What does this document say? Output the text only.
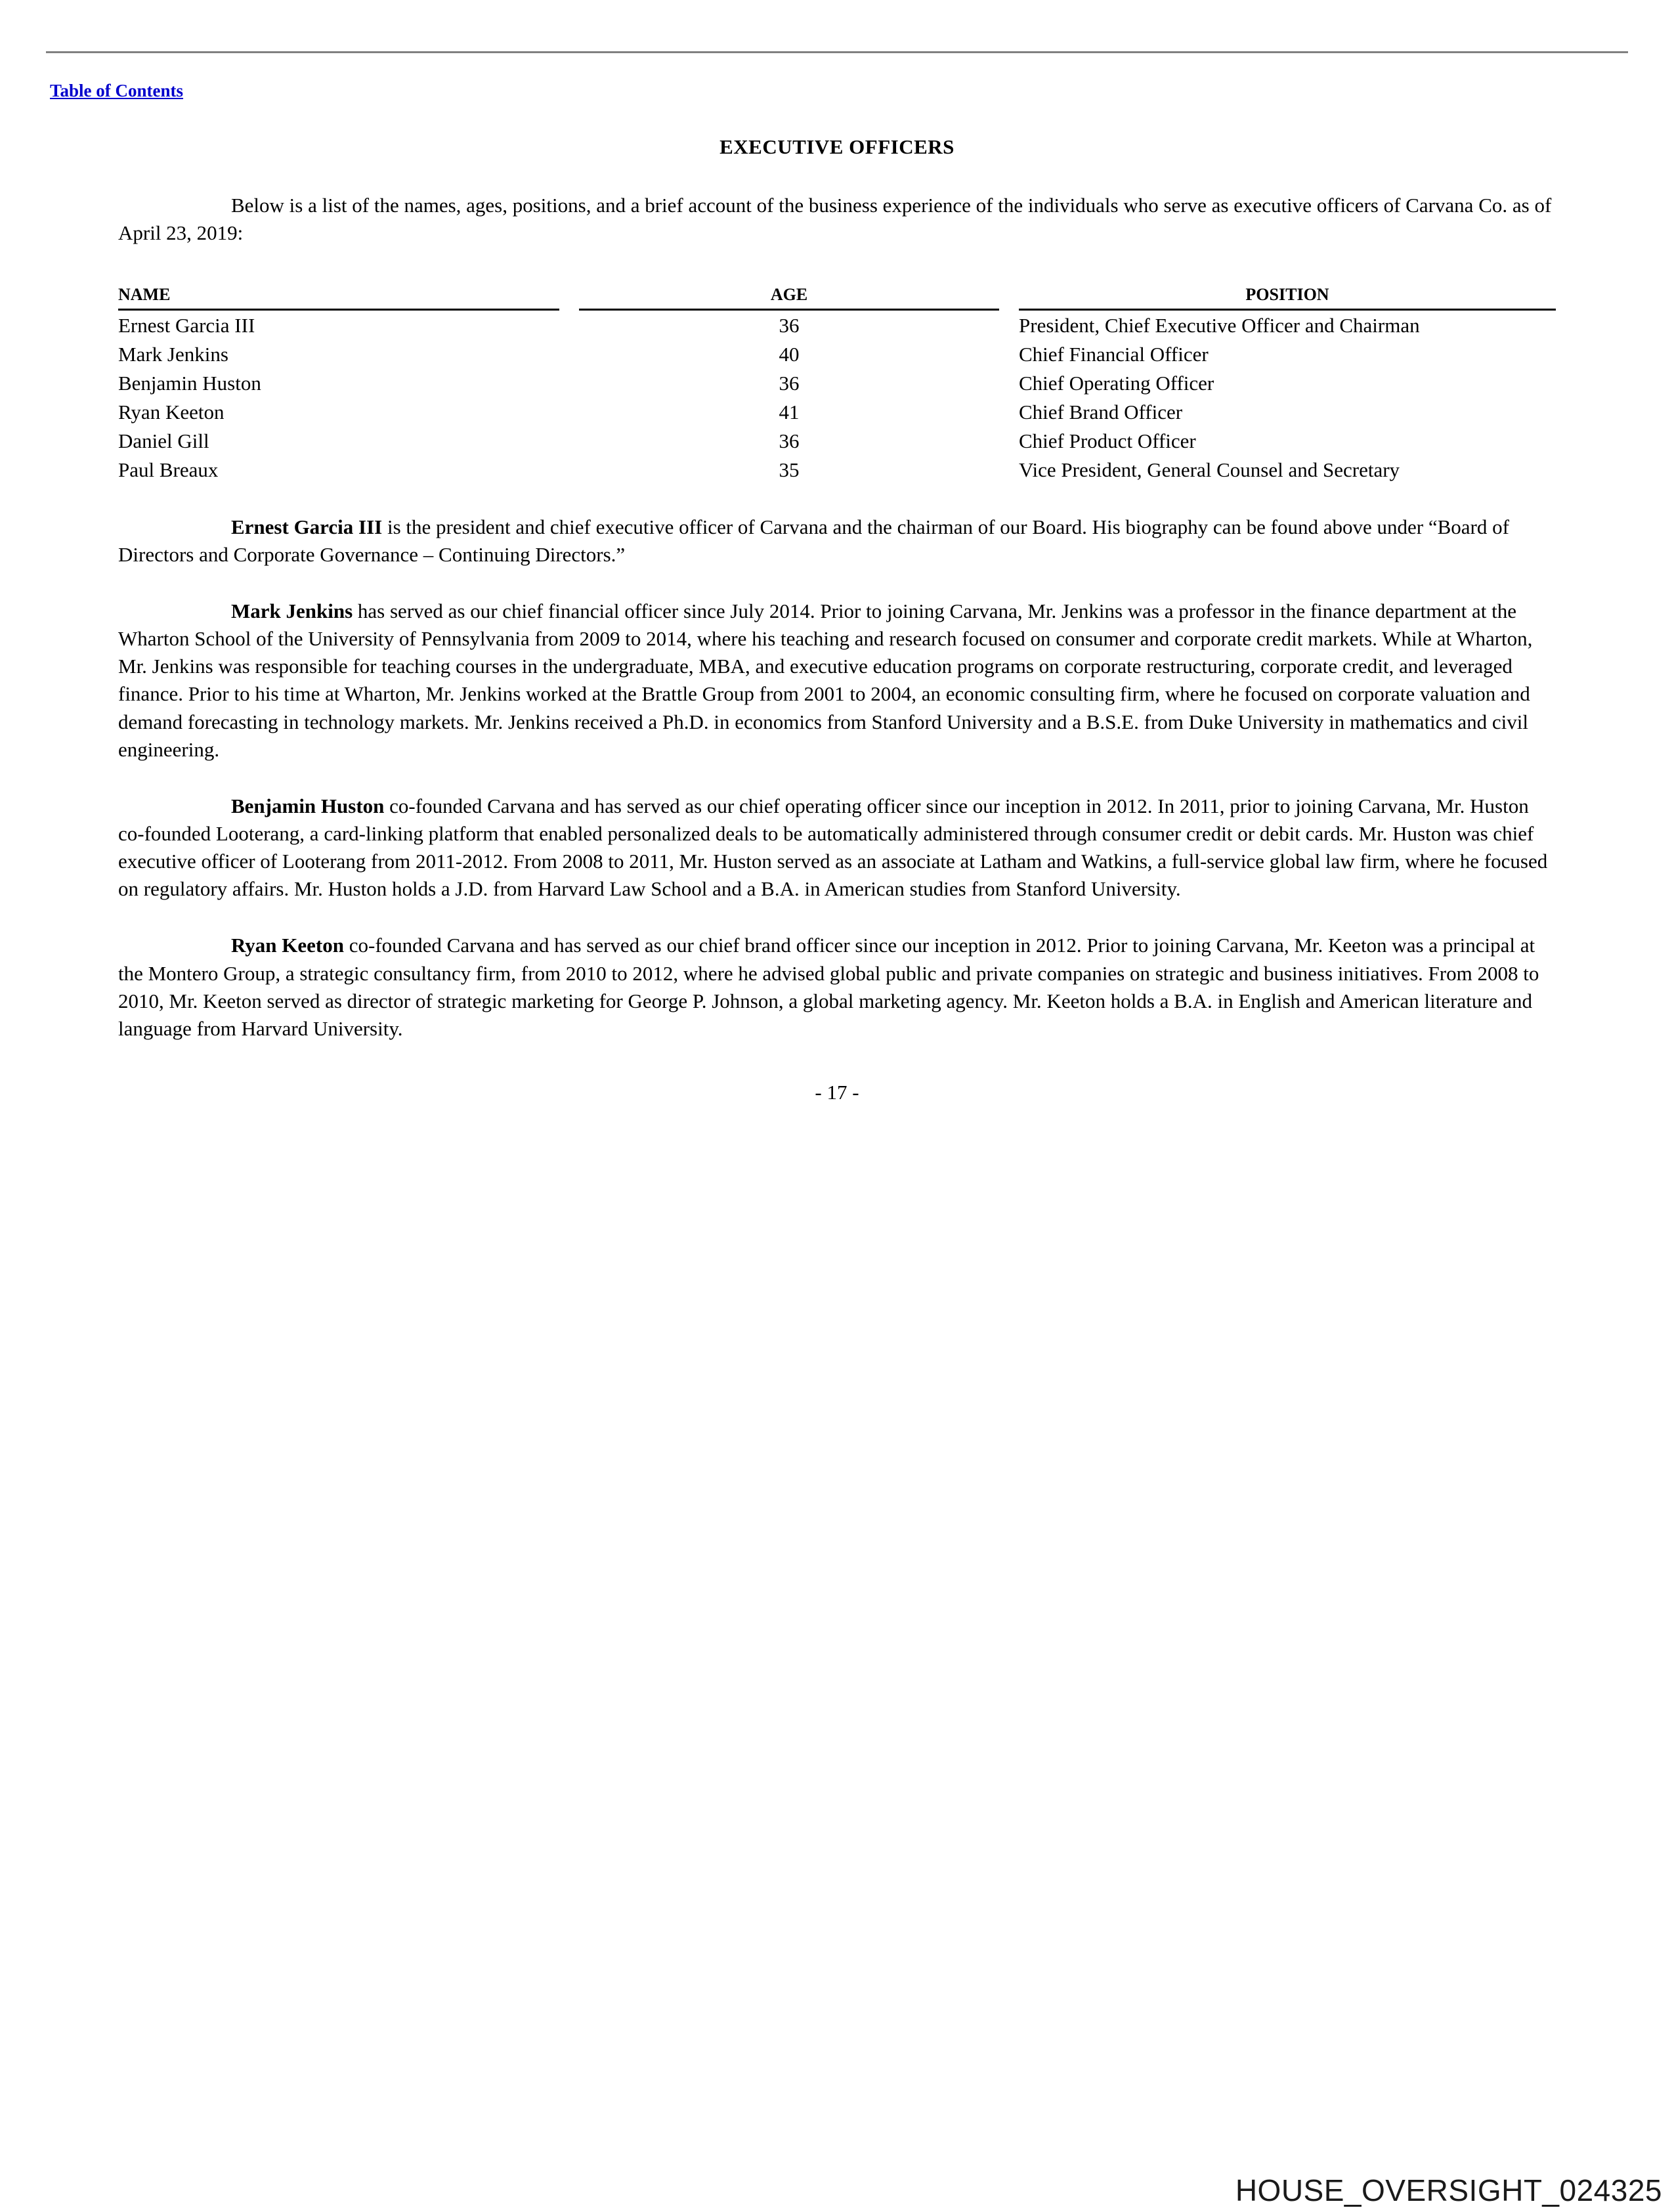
Table of Contents
EXECUTIVE OFFICERS

Below is a list of the names, ages, positions, and a brief account of the business experience of the individuals who serve as executive officers of Carvana Co. as of April 23, 2019:

NAME	AGE	POSITION
Ernest Garcia III	36	President, Chief Executive Officer and Chairman
Mark Jenkins	40	Chief Financial Officer
Benjamin Huston	36	Chief Operating Officer
Ryan Keeton	41	Chief Brand Officer
Daniel Gill	36	Chief Product Officer
Paul Breaux	35	Vice President, General Counsel and Secretary

Ernest Garcia III is the president and chief executive officer of Carvana and the chairman of our Board. His biography can be found above under “Board of Directors and Corporate Governance – Continuing Directors.”

Mark Jenkins has served as our chief financial officer since July 2014. Prior to joining Carvana, Mr. Jenkins was a professor in the finance department at the Wharton School of the University of Pennsylvania from 2009 to 2014, where his teaching and research focused on consumer and corporate credit markets. While at Wharton, Mr. Jenkins was responsible for teaching courses in the undergraduate, MBA, and executive education programs on corporate restructuring, corporate credit, and leveraged finance. Prior to his time at Wharton, Mr. Jenkins worked at the Brattle Group from 2001 to 2004, an economic consulting firm, where he focused on corporate valuation and demand forecasting in technology markets. Mr. Jenkins received a Ph.D. in economics from Stanford University and a B.S.E. from Duke University in mathematics and civil engineering.

Benjamin Huston co-founded Carvana and has served as our chief operating officer since our inception in 2012. In 2011, prior to joining Carvana, Mr. Huston co-founded Looterang, a card-linking platform that enabled personalized deals to be automatically administered through consumer credit or debit cards. Mr. Huston was chief executive officer of Looterang from 2011-2012. From 2008 to 2011, Mr. Huston served as an associate at Latham and Watkins, a full-service global law firm, where he focused on regulatory affairs. Mr. Huston holds a J.D. from Harvard Law School and a B.A. in American studies from Stanford University.

Ryan Keeton co-founded Carvana and has served as our chief brand officer since our inception in 2012. Prior to joining Carvana, Mr. Keeton was a principal at the Montero Group, a strategic consultancy firm, from 2010 to 2012, where he advised global public and private companies on strategic and business initiatives. From 2008 to 2010, Mr. Keeton served as director of strategic marketing for George P. Johnson, a global marketing agency. Mr. Keeton holds a B.A. in English and American literature and language from Harvard University.

- 17 -
HOUSE_OVERSIGHT_024325
